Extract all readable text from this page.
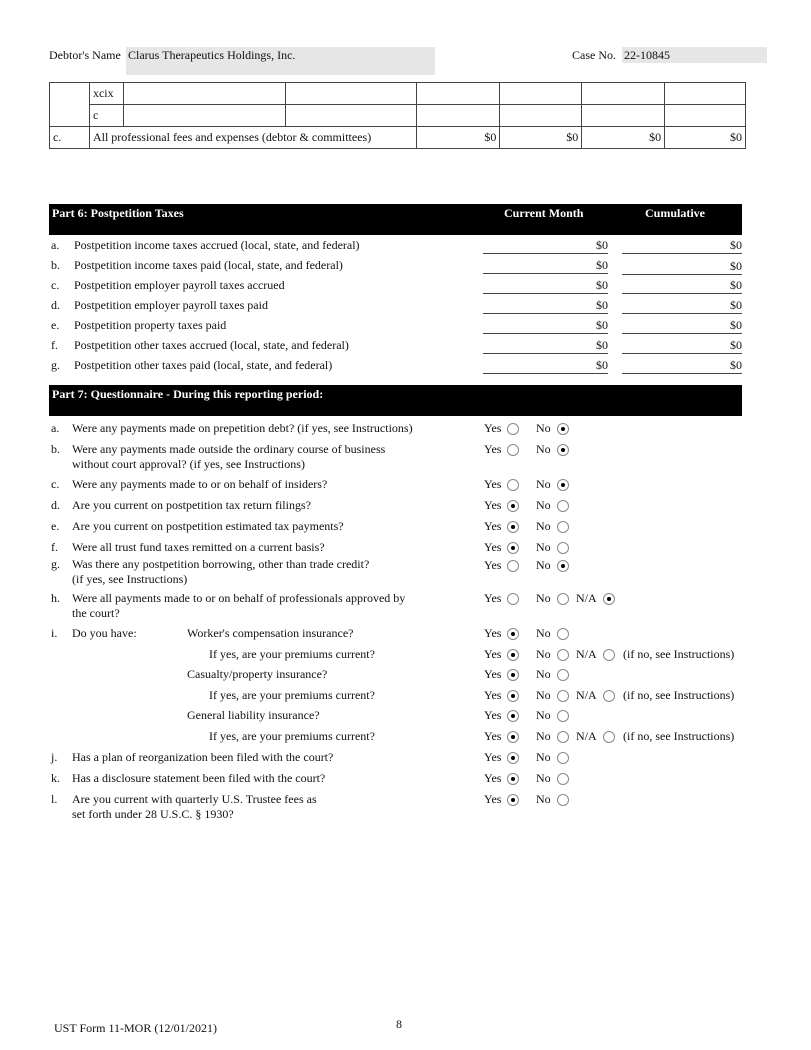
Debtor's Name Clarus Therapeutics Holdings, Inc.	Case No. 22-10845
	xcix						
	c						
c.	All professional fees and expenses (debtor & committees)			$0	$0	$0	$0
Part 6: Postpetition Taxes	Current Month	Cumulative
a. Postpetition income taxes accrued (local, state, and federal)	$0	$0
b. Postpetition income taxes paid (local, state, and federal)	$0	$0
c. Postpetition employer payroll taxes accrued	$0	$0
d. Postpetition employer payroll taxes paid	$0	$0
e. Postpetition property taxes paid	$0	$0
f. Postpetition other taxes accrued (local, state, and federal)	$0	$0
g. Postpetition other taxes paid (local, state, and federal)	$0	$0
Part 7: Questionnaire - During this reporting period:
a. Were any payments made on prepetition debt? (if yes, see Instructions)	Yes	No
b. Were any payments made outside the ordinary course of business
without court approval? (if yes, see Instructions)
Yes	No
c. Were any payments made to or on behalf of insiders?	Yes	No
d. Are you current on postpetition tax return filings?	Yes	No
e. Are you current on postpetition estimated tax payments?	Yes	No
f. Were all trust fund taxes remitted on a current basis?	Yes	No
g. Was there any postpetition borrowing, other than trade credit?
(if yes, see Instructions)
Yes	No
h. Were all payments made to or on behalf of professionals approved by
the court?
Yes	No N/A
i. Do you have:	Worker's compensation insurance?	Yes	No
If yes, are your premiums current?	Yes	No N/A (if no, see Instructions)
Casualty/property insurance?	Yes	No
If yes, are your premiums current?	Yes	No N/A (if no, see Instructions)
General liability insurance?	Yes	No
If yes, are your premiums current?	Yes	No N/A (if no, see Instructions)
j. Has a plan of reorganization been filed with the court?	Yes	No
k. Has a disclosure statement been filed with the court?	Yes	No
l. Are you current with quarterly U.S. Trustee fees as
set forth under 28 U.S.C. § 1930?
Yes	No
UST Form 11-MOR (12/01/2021)	8
